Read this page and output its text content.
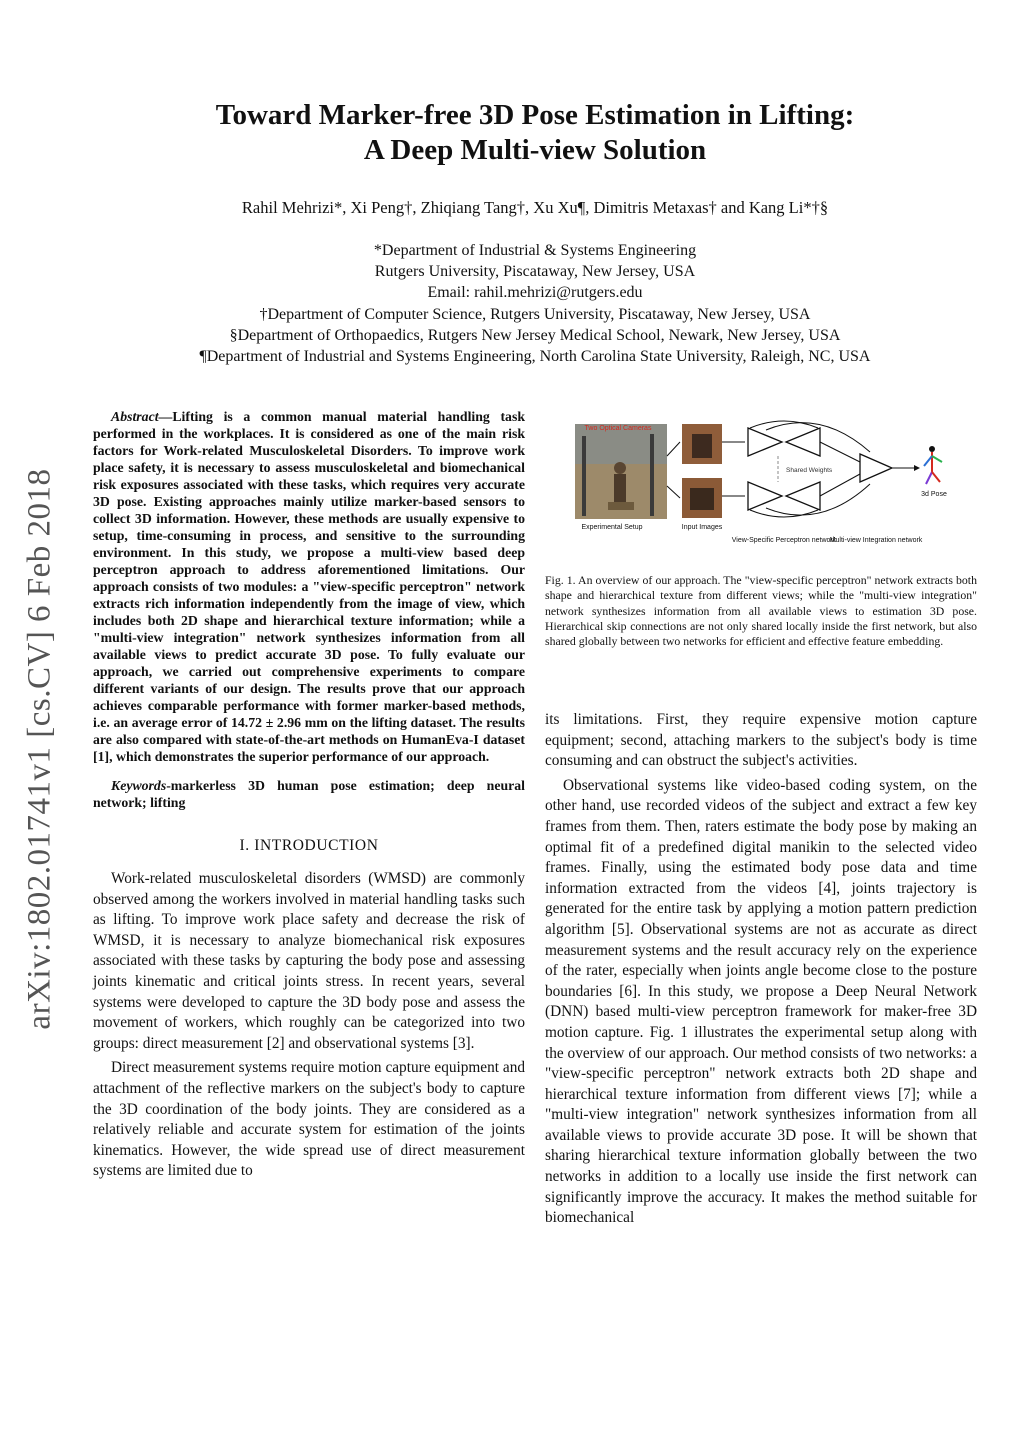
arXiv:1802.01741v1 [cs.CV] 6 Feb 2018
Toward Marker-free 3D Pose Estimation in Lifting:
A Deep Multi-view Solution
Rahil Mehrizi*, Xi Peng†, Zhiqiang Tang†, Xu Xu¶, Dimitris Metaxas† and Kang Li*†§
*Department of Industrial & Systems Engineering
Rutgers University, Piscataway, New Jersey, USA
Email: rahil.mehrizi@rutgers.edu
†Department of Computer Science, Rutgers University, Piscataway, New Jersey, USA
§Department of Orthopaedics, Rutgers New Jersey Medical School, Newark, New Jersey, USA
¶Department of Industrial and Systems Engineering, North Carolina State University, Raleigh, NC, USA

Abstract—Lifting is a common manual material handling task performed in the workplaces. It is considered as one of the main risk factors for Work-related Musculoskeletal Disorders. To improve work place safety, it is necessary to assess musculoskeletal and biomechanical risk exposures associated with these tasks, which requires very accurate 3D pose. Existing approaches mainly utilize marker-based sensors to collect 3D information. However, these methods are usually expensive to setup, time-consuming in process, and sensitive to the surrounding environment. In this study, we propose a multi-view based deep perceptron approach to address aforementioned limitations. Our approach consists of two modules: a "view-specific perceptron" network extracts rich information independently from the image of view, which includes both 2D shape and hierarchical texture information; while a "multi-view integration" network synthesizes information from all available views to predict accurate 3D pose. To fully evaluate our approach, we carried out comprehensive experiments to compare different variants of our design. The results prove that our approach achieves comparable performance with former marker-based methods, i.e. an average error of 14.72 ± 2.96 mm on the lifting dataset. The results are also compared with state-of-the-art methods on HumanEva-I dataset [1], which demonstrates the superior performance of our approach.

Keywords-markerless 3D human pose estimation; deep neural network; lifting

I. INTRODUCTION

Work-related musculoskeletal disorders (WMSD) are commonly observed among the workers involved in material handling tasks such as lifting. To improve work place safety and decrease the risk of WMSD, it is necessary to analyze biomechanical risk exposures associated with these tasks by capturing the body pose and assessing joints kinematic and critical joints stress. In recent years, several systems were developed to capture the 3D body pose and assess the movement of workers, which roughly can be categorized into two groups: direct measurement [2] and observational systems [3].

Direct measurement systems require motion capture equipment and attachment of the reflective markers on the subject's body to capture the 3D coordination of the body joints. They are considered as a relatively reliable and accurate system for estimation of the joints kinematics. However, the wide spread use of direct measurement systems are limited due to

Two Optical Cameras
Shared Weights
3d Pose
Experimental Setup	Input Images
View-Specific Perceptron network
Multi-view Integration network

Fig. 1. An overview of our approach. The "view-specific perceptron" network extracts both shape and hierarchical texture from different views; while the "multi-view integration" network synthesizes information from all available views to estimation 3D pose. Hierarchical skip connections are not only shared locally inside the first network, but also shared globally between two networks for efficient and effective feature embedding.

its limitations. First, they require expensive motion capture equipment; second, attaching markers to the subject's body is time consuming and can obstruct the subject's activities.

Observational systems like video-based coding system, on the other hand, use recorded videos of the subject and extract a few key frames from them. Then, raters estimate the body pose by making an optimal fit of a predefined digital manikin to the selected video frames. Finally, using the estimated body pose data and time information extracted from the videos [4], joints trajectory is generated for the entire task by applying a motion pattern prediction algorithm [5]. Observational systems are not as accurate as direct measurement systems and the result accuracy rely on the experience of the rater, especially when joints angle become close to the posture boundaries [6]. In this study, we propose a Deep Neural Network (DNN) based multi-view perceptron framework for maker-free 3D motion capture. Fig. 1 illustrates the experimental setup along with the overview of our approach. Our method consists of two networks: a "view-specific perceptron" network extracts both 2D shape and hierarchical texture information from different views [7]; while a "multi-view integration" network synthesizes information from all available views to provide accurate 3D pose. It will be shown that sharing hierarchical texture information globally between the two networks in addition to a locally use inside the first network can significantly improve the accuracy. It makes the method suitable for biomechanical
